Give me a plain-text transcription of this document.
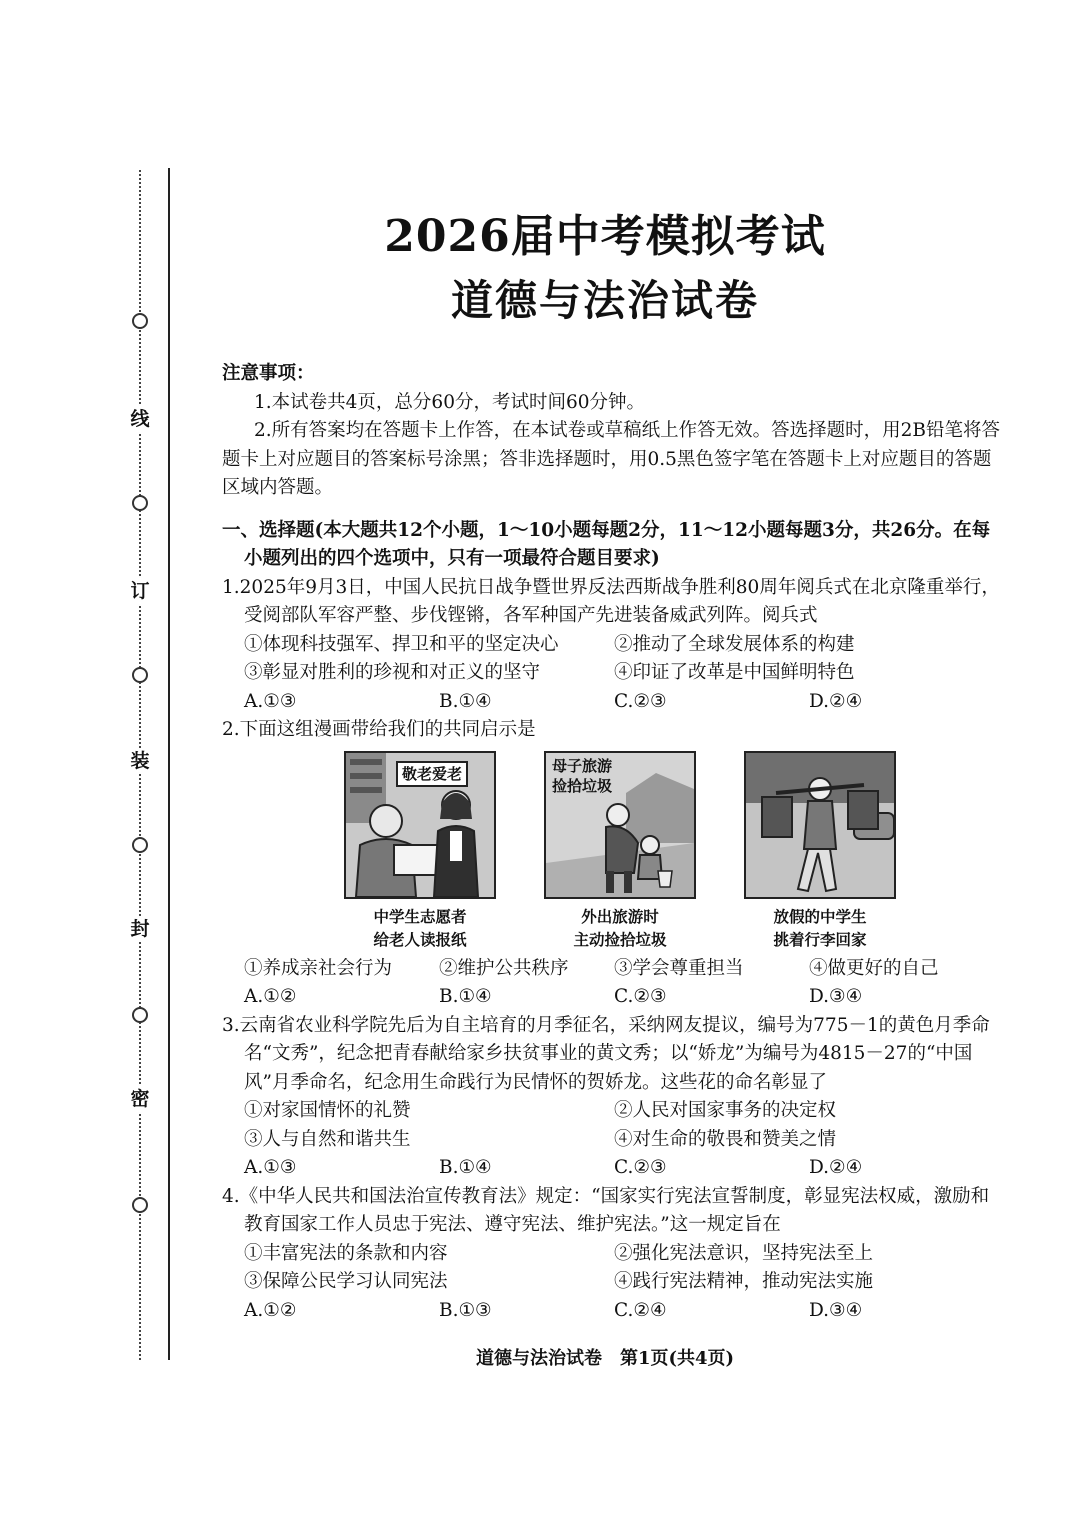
线
订
装
封
密
2026届中考模拟考试
道德与法治试卷

注意事项：

1.本试卷共4页，总分60分，考试时间60分钟。

2.所有答案均在答题卡上作答，在本试卷或草稿纸上作答无效。答选择题时，用2B铅笔将答题卡上对应题目的答案标号涂黑；答非选择题时，用0.5黑色签字笔在答题卡上对应题目的答题区域内答题。

一、选择题(本大题共12个小题，1～10小题每题2分，11～12小题每题3分，共26分。在每小题列出的四个选项中，只有一项最符合题目要求)

1.2025年9月3日，中国人民抗日战争暨世界反法西斯战争胜利80周年阅兵式在北京隆重举行，受阅部队军容严整、步伐铿锵，各军种国产先进装备威武列阵。阅兵式

①体现科技强军、捍卫和平的坚定决心	②推动了全球发展体系的构建
③彰显对胜利的珍视和对正义的坚守	④印证了改革是中国鲜明特色
A.①③	B.①④	C.②③	D.②④

2.下面这组漫画带给我们的共同启示是

敬老爱老
中学生志愿者
给老人读报纸
母子旅游
捡拾垃圾
外出旅游时
主动捡拾垃圾
放假的中学生
挑着行李回家
①养成亲社会行为	②维护公共秩序	③学会尊重担当	④做更好的自己
A.①②	B.①④	C.②③	D.③④

3.云南省农业科学院先后为自主培育的月季征名，采纳网友提议，编号为775－1的黄色月季命名“文秀”，纪念把青春献给家乡扶贫事业的黄文秀；以“娇龙”为编号为4815－27的“中国风”月季命名，纪念用生命践行为民情怀的贺娇龙。这些花的命名彰显了

①对家国情怀的礼赞	②人民对国家事务的决定权
③人与自然和谐共生	④对生命的敬畏和赞美之情
A.①③	B.①④	C.②③	D.②④

4.《中华人民共和国法治宣传教育法》规定：“国家实行宪法宣誓制度，彰显宪法权威，激励和教育国家工作人员忠于宪法、遵守宪法、维护宪法。”这一规定旨在

①丰富宪法的条款和内容	②强化宪法意识，坚持宪法至上
③保障公民学习认同宪法	④践行宪法精神，推动宪法实施
A.①②	B.①③	C.②④	D.③④
道德与法治试卷　第1页(共4页)
